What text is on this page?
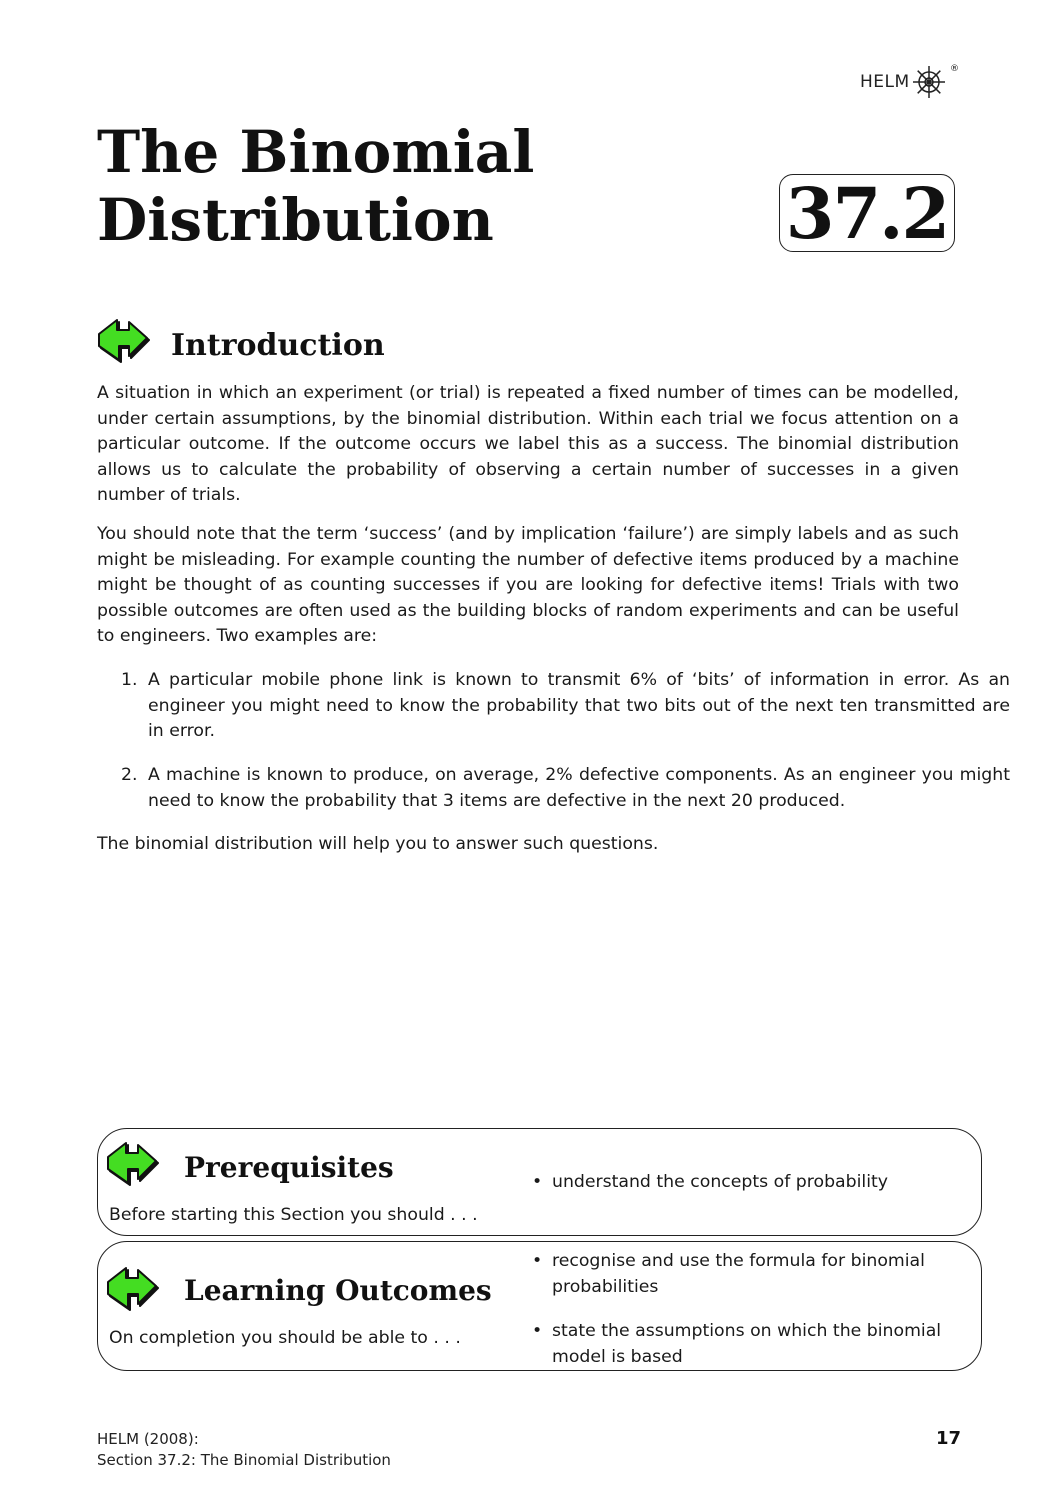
HELM
®
The Binomial
Distribution	37.2
Introduction

A situation in which an experiment (or trial) is repeated a fixed number of times can be modelled, under certain assumptions, by the binomial distribution. Within each trial we focus attention on a particular outcome. If the outcome occurs we label this as a success. The binomial distribution allows us to calculate the probability of observing a certain number of successes in a given number of trials.

You should note that the term ‘success’ (and by implication ‘failure’) are simply labels and as such might be misleading. For example counting the number of defective items produced by a machine might be thought of as counting successes if you are looking for defective items! Trials with two possible outcomes are often used as the building blocks of random experiments and can be useful to engineers. Two examples are:

1. A particular mobile phone link is known to transmit 6% of ‘bits’ of information in error. As an engineer you might need to know the probability that two bits out of the next ten transmitted are in error.
2. A machine is known to produce, on average, 2% defective components. As an engineer you might need to know the probability that 3 items are defective in the next 20 produced.

The binomial distribution will help you to answer such questions.

Prerequisites
Before starting this Section you should . . .
• understand the concepts of probability
Learning Outcomes
On completion you should be able to . . .
• recognise and use the formula for binomial probabilities
• state the assumptions on which the binomial model is based
HELM (2008):
Section 37.2: The Binomial Distribution
17
